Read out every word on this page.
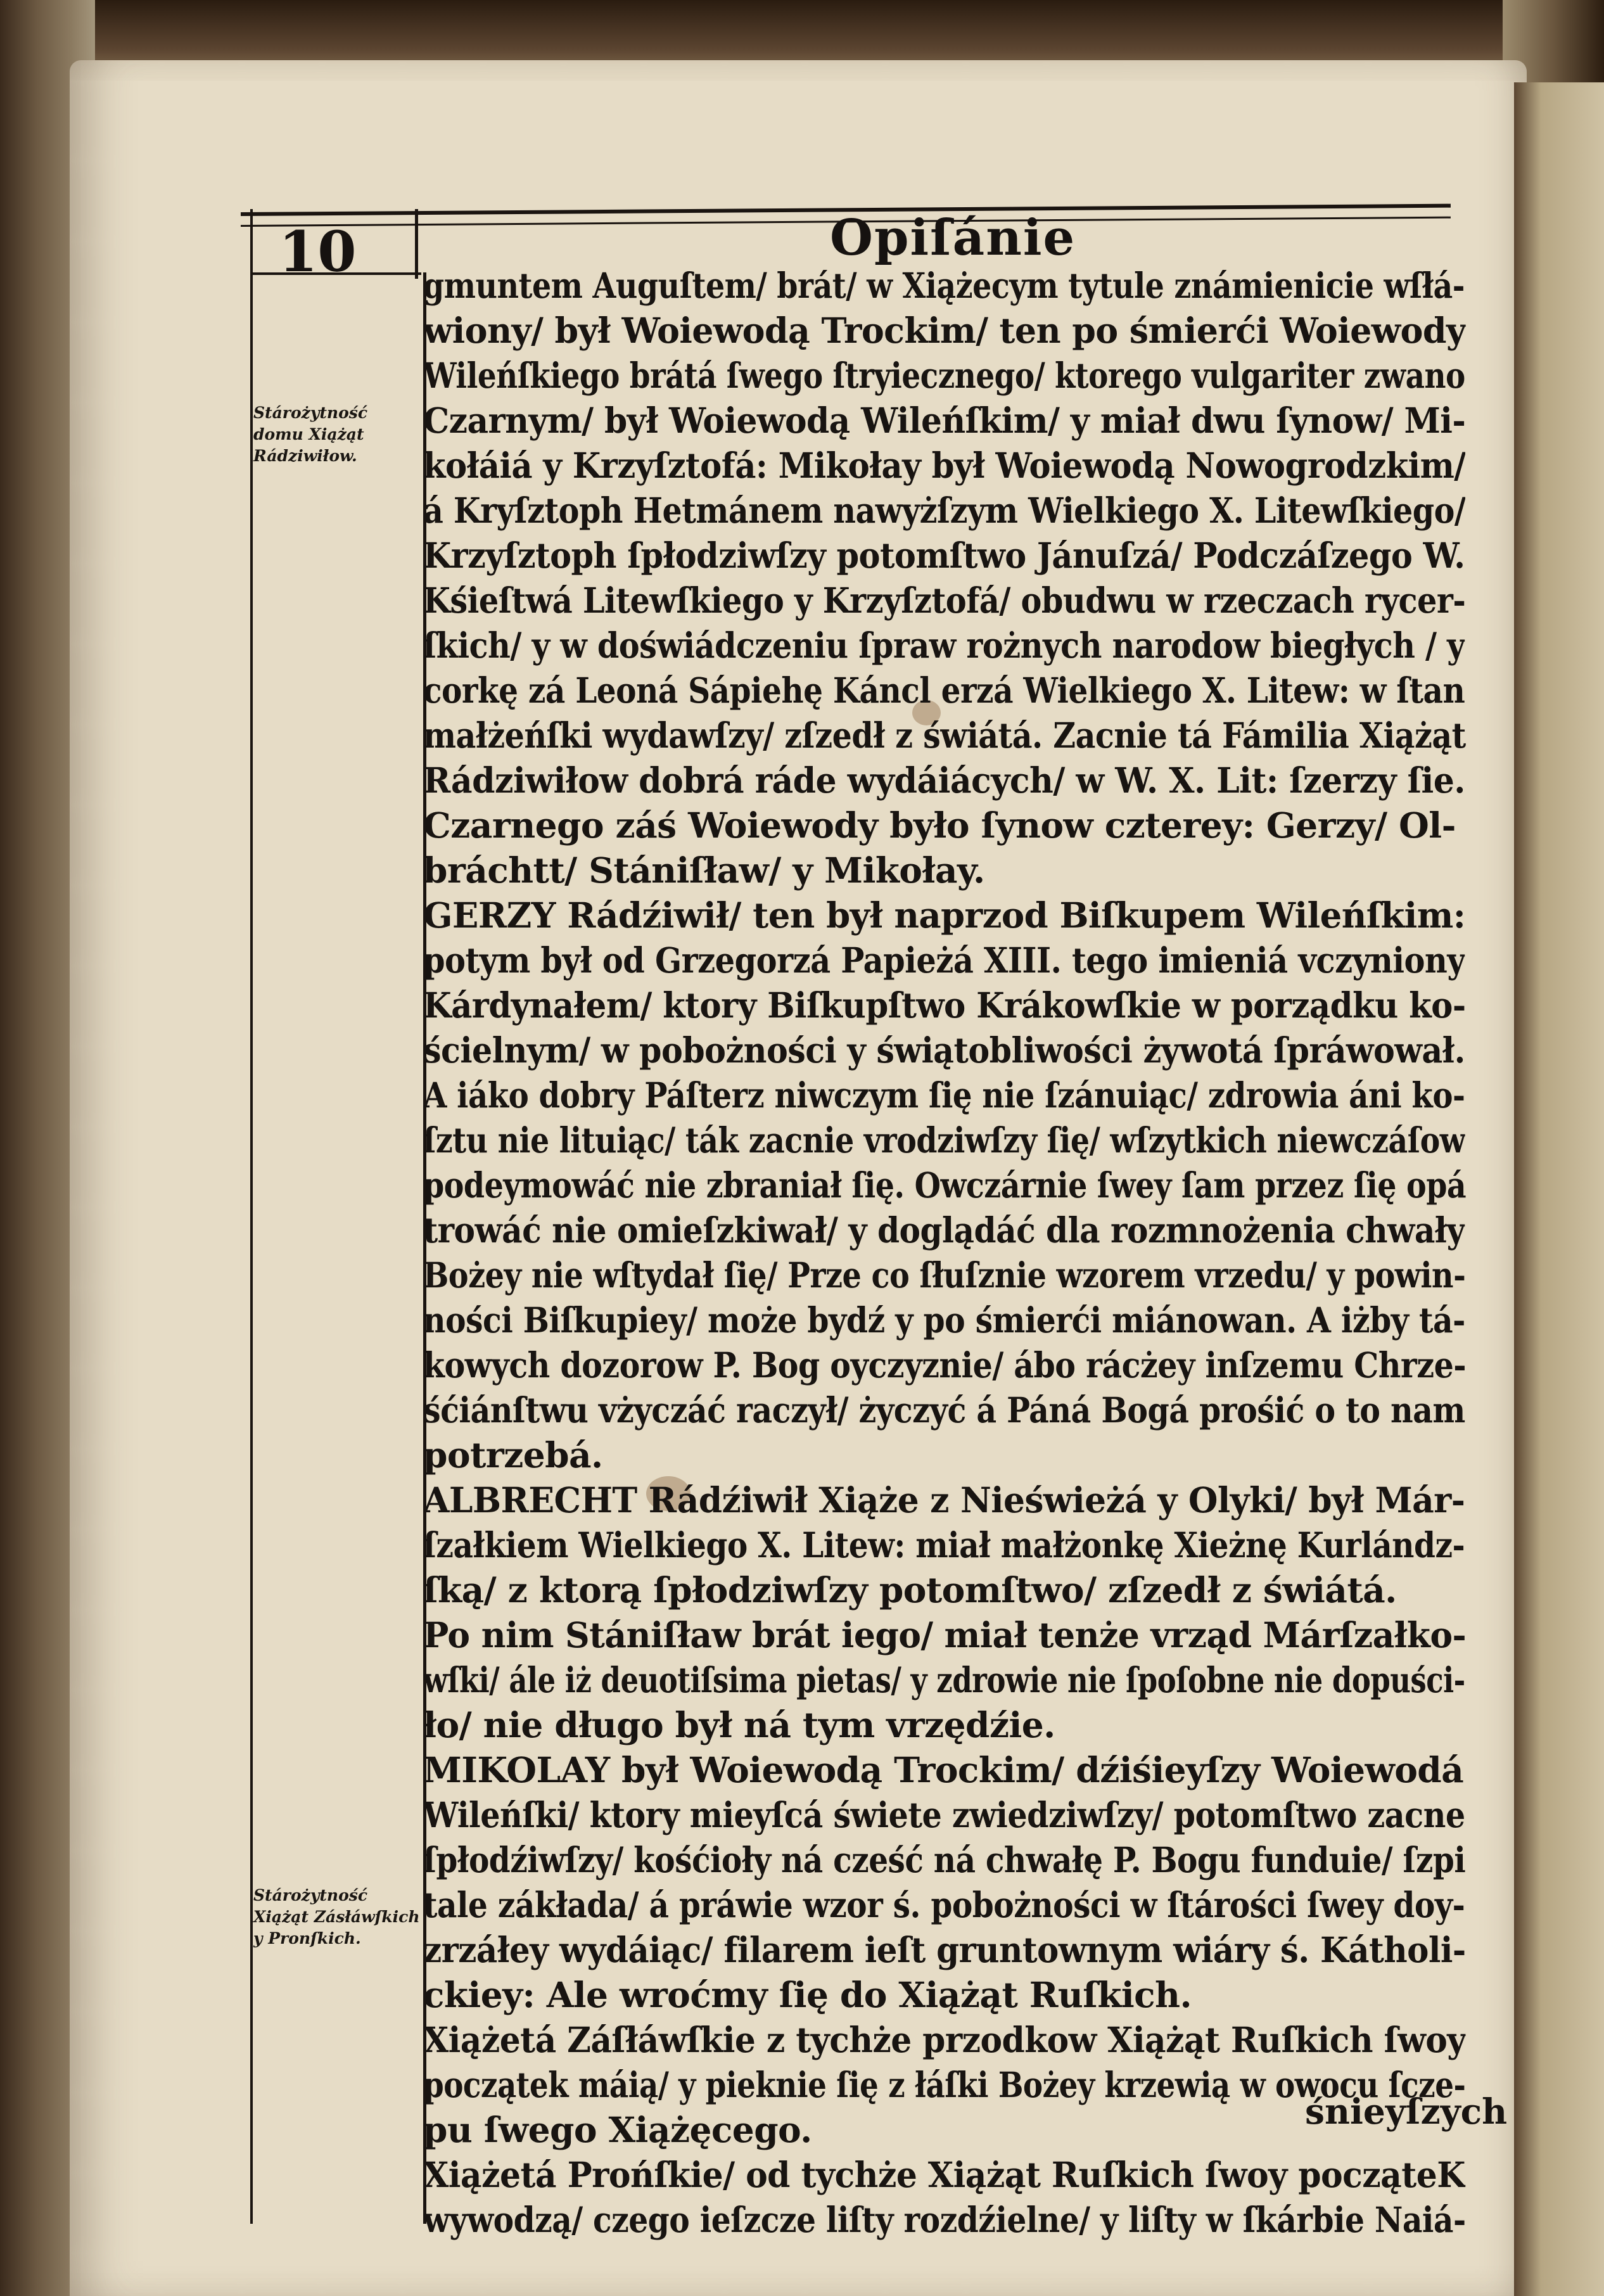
10	Opiſánie
Stárożytność domu Xiążąt Rádziwiłow.
Stárożytność Xiążąt Zásłáwſkich y Pronſkich.
gmuntem Auguſtem/ brát/ w Xiążecym tytule známienicie wſłá-
wiony/ był Woiewodą Trockim/ ten po śmierći Woiewody
Wileńſkiego brátá ſwego ſtryiecznego/ ktorego vulgariter zwano
Czarnym/ był Woiewodą Wileńſkim/ y miał dwu ſynow/ Mi-
kołáiá y Krzyſztofá: Mikołay był Woiewodą Nowogrodzkim/
á Kryſztoph Hetmánem nawyżſzym Wielkiego X. Litewſkiego/
Krzyſztoph ſpłodziwſzy potomſtwo Jánuſzá/ Podczáſzego W.
Kśieſtwá Litewſkiego y Krzyſztofá/ obudwu w rzeczach rycer-
ſkich/ y w doświádczeniu ſpraw rożnych narodow biegłych / y
corkę zá Leoná Sápiehę Káncl erzá Wielkiego X. Litew: w ſtan
małżeńſki wydawſzy/ zſzedł z świátá. Zacnie tá Fámilia Xiążąt
Rádziwiłow dobrá ráde wydáiácych/ w W. X. Lit: ſzerzy ſie.
Czarnego záś Woiewody było ſynow czterey: Gerzy/ Ol-
bráchtt/ Stániſław/ y Mikołay.
GERZY Rádźiwił/ ten był naprzod Biſkupem Wileńſkim:
potym był od Grzegorzá Papieżá XIII. tego imieniá vczyniony
Kárdynałem/ ktory Biſkupſtwo Krákowſkie w porządku ko-
ścielnym/ w pobożności y świątobliwości żywotá ſpráwował.
A iáko dobry Páſterz niwczym ſię nie ſzánuiąc/ zdrowia áni ko-
ſztu nie lituiąc/ ták zacnie vrodziwſzy ſię/ wſzytkich niewczáſow
podeymowáć nie zbraniał ſię. Owczárnie ſwey ſam przez ſię opá
trowáć nie omieſzkiwał/ y doglądáć dla rozmnożenia chwały
Bożey nie wſtydał ſię/ Prze co ſłuſznie wzorem vrzedu/ y powin-
ności Biſkupiey/ może bydź y po śmierći miánowan. A iżby tá-
kowych dozorow P. Bog oyczyznie/ ábo rácżey inſzemu Chrze-
śćiánſtwu vżyczáć raczył/ życzyć á Páná Bogá prośić o to nam
potrzebá.
ALBRECHT Rádźiwił Xiąże z Nieświeżá y Olyki/ był Már-
ſzałkiem Wielkiego X. Litew: miał małżonkę Xieżnę Kurlándz-
ſką/ z ktorą ſpłodziwſzy potomſtwo/ zſzedł z świátá.
Po nim Stániſław brát iego/ miał tenże vrząd Márſzałko-
wſki/ ále iż deuotiſsima pietas/ y zdrowie nie ſpoſobne nie dopuści-
ło/ nie długo był ná tym vrzędźie.
MIKOLAY był Woiewodą Trockim/ dźiśieyſzy Woiewodá
Wileńſki/ ktory mieyſcá świete zwiedziwſzy/ potomſtwo zacne
ſpłodźiwſzy/ kośćioły ná cześć ná chwałę P. Bogu funduie/ ſzpi
tale zákłada/ á práwie wzor ś. pobożności w ſtárości ſwey doy-
zrzáłey wydáiąc/ filarem ieſt gruntownym wiáry ś. Kátholi-
ckiey: Ale wroćmy ſię do Xiążąt Ruſkich.
Xiążetá Záſłáwſkie z tychże przodkow Xiążąt Ruſkich ſwoy
początek máią/ y pieknie ſię z łáſki Bożey krzewią w owocu ſcze-
pu ſwego Xiążęcego.
Xiążetá Prońſkie/ od tychże Xiążąt Ruſkich ſwoy począteK
wywodzą/ czego ieſzcze liſty rozdźielne/ y liſty w ſkárbie Naiá-
śnieyſzych
